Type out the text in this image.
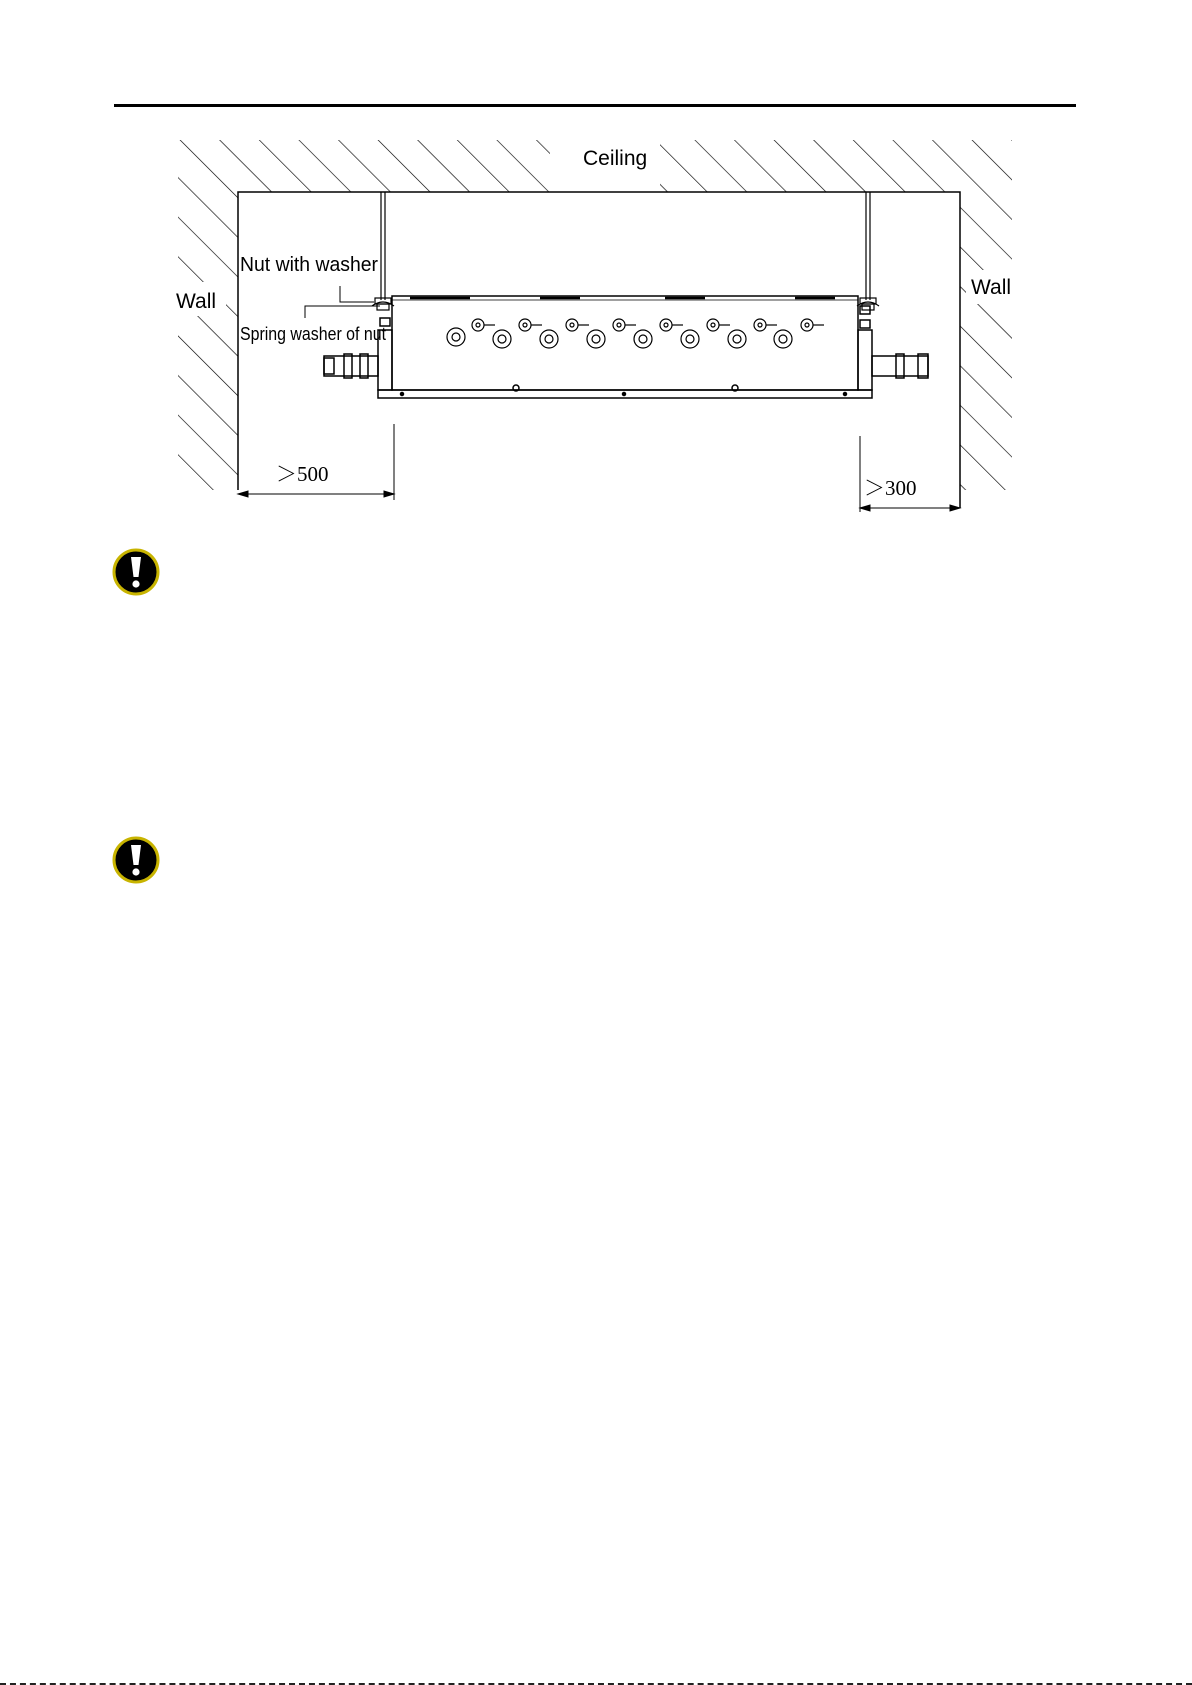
Ceiling
Wall
Wall
Nut with washer
Spring washer of nut
＞500
＞300
